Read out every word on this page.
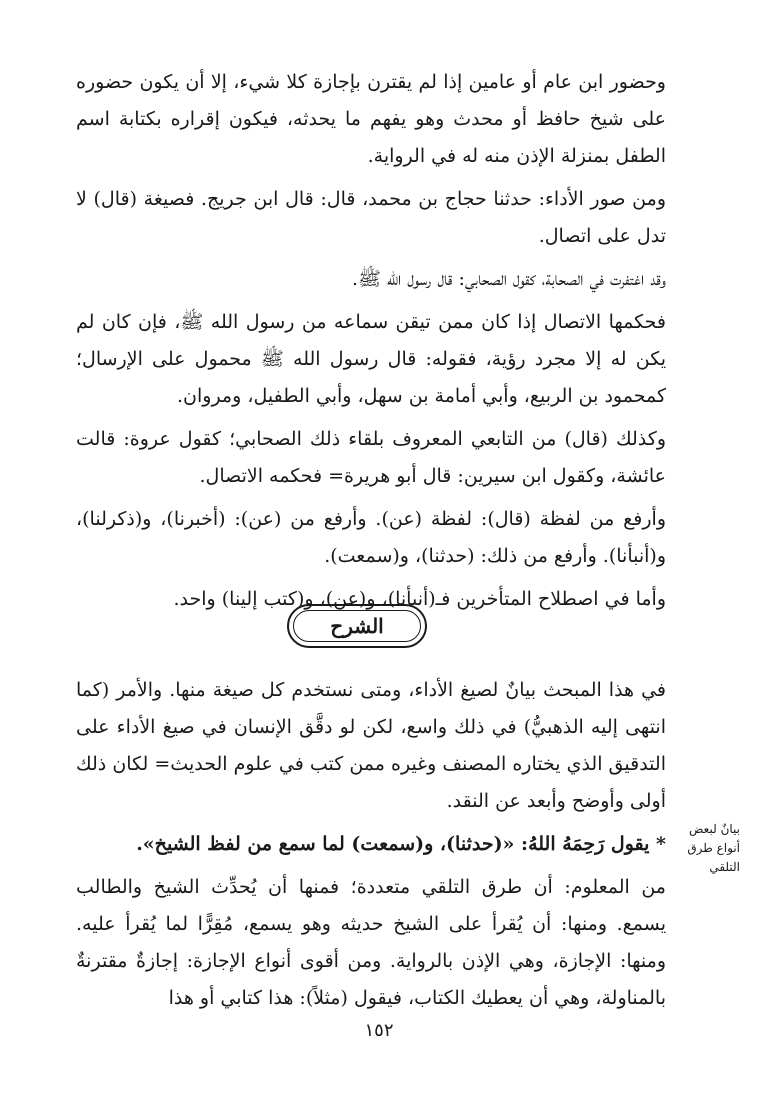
وحضور ابن عام أو عامين إذا لم يقترن بإجازة كلا شيء، إلا أن يكون حضوره على شيخ حافظ أو محدث وهو يفهم ما يحدثه، فيكون إقراره بكتابة اسم الطفل بمنزلة الإذن منه له في الرواية.

ومن صور الأداء: حدثنا حجاج بن محمد، قال: قال ابن جريج. فصيغة (قال) لا تدل على اتصال.

وقد اغتفرت في الصحابة، كقول الصحابي: قال رسول الله ﷺ.

فحكمها الاتصال إذا كان ممن تيقن سماعه من رسول الله ﷺ، فإن كان لم يكن له إلا مجرد رؤية، فقوله: قال رسول الله ﷺ محمول على الإرسال؛ كمحمود بن الربيع، وأبي أمامة بن سهل، وأبي الطفيل، ومروان.

وكذلك (قال) من التابعي المعروف بلقاء ذلك الصحابي؛ كقول عروة: قالت عائشة، وكقول ابن سيرين: قال أبو هريرة= فحكمه الاتصال.

وأرفع من لفظة (قال): لفظة (عن). وأرفع من (عن): (أخبرنا)، و(ذكرلنا)، و(أنبأنا). وأرفع من ذلك: (حدثنا)، و(سمعت).

وأما في اصطلاح المتأخرين فـ(أنبأنا)، و(عن)، و(كتب إلينا) واحد.

الشرح

في هذا المبحث بيانٌ لصيغ الأداء، ومتى نستخدم كل صيغة منها. والأمر (كما انتهى إليه الذهبيُّ) في ذلك واسع، لكن لو دقَّق الإنسان في صيغ الأداء على التدقيق الذي يختاره المصنف وغيره ممن كتب في علوم الحديث= لكان ذلك أولى وأوضح وأبعد عن النقد.

* يقول رَحِمَهُ اللهُ: «(حدثنا)، و(سمعت) لما سمع من لفظ الشيخ».

من المعلوم: أن طرق التلقي متعددة؛ فمنها أن يُحدِّث الشيخ والطالب يسمع. ومنها: أن يُقرأ على الشيخ حديثه وهو يسمع، مُقِرًّا لما يُقرأ عليه. ومنها: الإجازة، وهي الإذن بالرواية. ومن أقوى أنواع الإجازة: إجازةٌ مقترنةٌ بالمناولة، وهي أن يعطيك الكتاب، فيقول (مثلاً): هذا كتابي أو هذا

بيانٌ لبعض أنواع طرق التلقي
١٥٢
